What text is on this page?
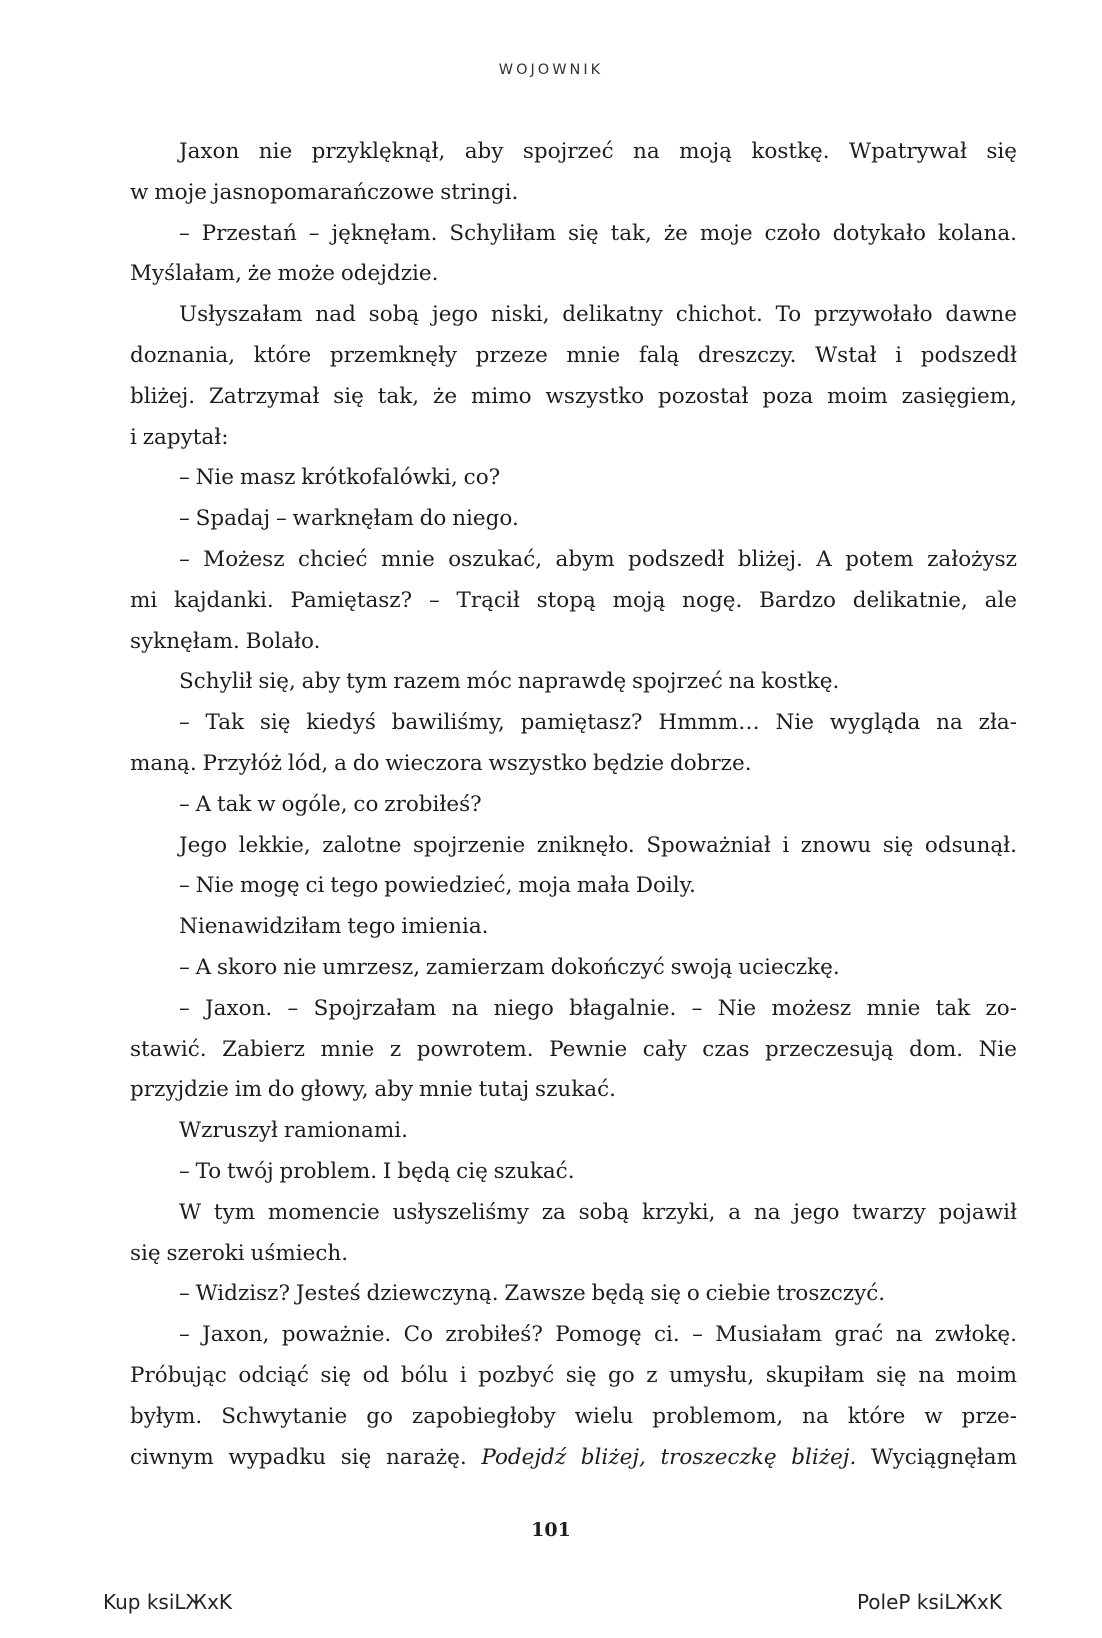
WOJOWNIK
Jaxon nie przyklęknął, aby spojrzeć na moją kostkę. Wpatrywał się
w moje jasnopomarańczowe stringi.
– Przestań – jęknęłam. Schyliłam się tak, że moje czoło dotykało kolana.
Myślałam, że może odejdzie.
Usłyszałam nad sobą jego niski, delikatny chichot. To przywołało dawne
doznania, które przemknęły przeze mnie falą dreszczy. Wstał i podszedł
bliżej. Zatrzymał się tak, że mimo wszystko pozostał poza moim zasięgiem,
i zapytał:
– Nie masz krótkofalówki, co?
– Spadaj – warknęłam do niego.
– Możesz chcieć mnie oszukać, abym podszedł bliżej. A potem założysz
mi kajdanki. Pamiętasz? – Trącił stopą moją nogę. Bardzo delikatnie, ale
syknęłam. Bolało.
Schylił się, aby tym razem móc naprawdę spojrzeć na kostkę.
– Tak się kiedyś bawiliśmy, pamiętasz? Hmmm… Nie wygląda na zła-
maną. Przyłóż lód, a do wieczora wszystko będzie dobrze.
– A tak w ogóle, co zrobiłeś?
Jego lekkie, zalotne spojrzenie zniknęło. Spoważniał i znowu się odsunął.
– Nie mogę ci tego powiedzieć, moja mała Doily.
Nienawidziłam tego imienia.
– A skoro nie umrzesz, zamierzam dokończyć swoją ucieczkę.
– Jaxon. – Spojrzałam na niego błagalnie. – Nie możesz mnie tak zo-
stawić. Zabierz mnie z powrotem. Pewnie cały czas przeczesują dom. Nie
przyjdzie im do głowy, aby mnie tutaj szukać.
Wzruszył ramionami.
– To twój problem. I będą cię szukać.
W tym momencie usłyszeliśmy za sobą krzyki, a na jego twarzy pojawił
się szeroki uśmiech.
– Widzisz? Jesteś dziewczyną. Zawsze będą się o ciebie troszczyć.
– Jaxon, poważnie. Co zrobiłeś? Pomogę ci. – Musiałam grać na zwłokę.
Próbując odciąć się od bólu i pozbyć się go z umysłu, skupiłam się na moim
byłym. Schwytanie go zapobiegłoby wielu problemom, na które w prze-
ciwnym wypadku się narażę. Podejdź bliżej, troszeczkę bliżej. Wyciągnęłam
101
Kup ksiLЖxK	PoleP ksiLЖxK
